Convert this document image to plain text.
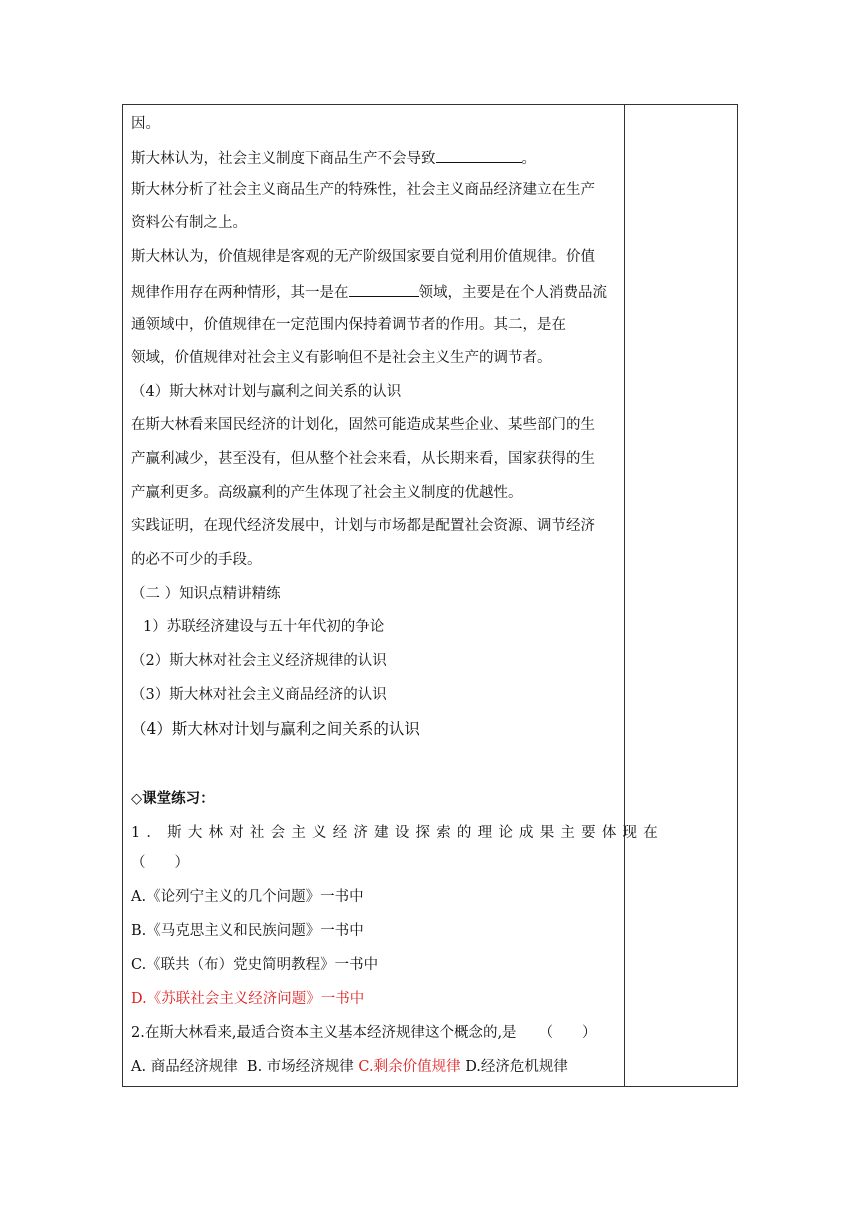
因。
斯大林认为，社会主义制度下商品生产不会导致	。
斯大林分析了社会主义商品生产的特殊性，社会主义商品经济建立在生产
资料公有制之上。
斯大林认为，价值规律是客观的无产阶级国家要自觉利用价值规律。价值
规律作用存在两种情形，其一是在	领域，主要是在个人消费品流
通领域中，价值规律在一定范围内保持着调节者的作用。其二，是在
领域，价值规律对社会主义有影响但不是社会主义生产的调节者。
（4）斯大林对计划与赢利之间关系的认识
在斯大林看来国民经济的计划化，固然可能造成某些企业、某些部门的生
产赢利减少，甚至没有，但从整个社会来看，从长期来看，国家获得的生
产赢利更多。高级赢利的产生体现了社会主义制度的优越性。
实践证明，在现代经济发展中，计划与市场都是配置社会资源、调节经济
的必不可少的手段。
（二 ）知识点精讲精练
1）苏联经济建设与五十年代初的争论
（2）斯大林对社会主义经济规律的认识
（3）斯大林对社会主义商品经济的认识
（4）斯大林对计划与赢利之间关系的认识
◇课堂练习：
1．斯大林对社会主义经济建设探索的理论成果主要体现在
（　　）
A.《论列宁主义的几个问题》一书中
B.《马克思主义和民族问题》一书中
C.《联共（布）党史简明教程》一书中
D.《苏联社会主义经济问题》一书中
2.在斯大林看来,最适合资本主义基本经济规律这个概念的,是 （　　）
A. 商品经济规律 B. 市场经济规律 C.剩余价值规律 D.经济危机规律
